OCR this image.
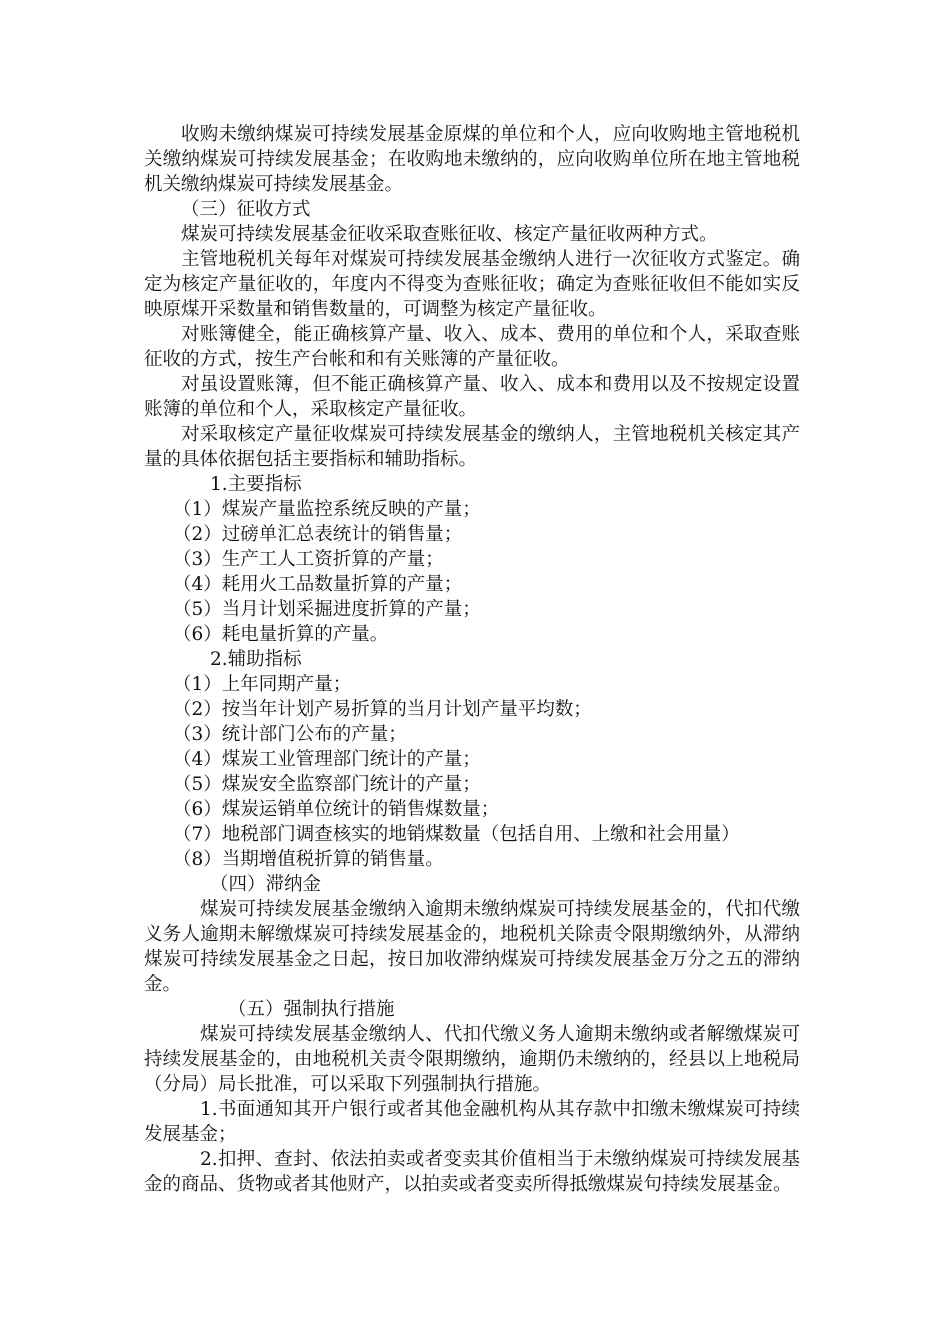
收购未缴纳煤炭可持续发展基金原煤的单位和个人，应向收购地主管地税机关缴纳煤炭可持续发展基金；在收购地未缴纳的，应向收购单位所在地主管地税机关缴纳煤炭可持续发展基金。

（三）征收方式

煤炭可持续发展基金征收采取查账征收、核定产量征收两种方式。

主管地税机关每年对煤炭可持续发展基金缴纳人进行一次征收方式鉴定。确定为核定产量征收的，年度内不得变为查账征收；确定为查账征收但不能如实反映原煤开采数量和销售数量的，可调整为核定产量征收。

对账簿健全，能正确核算产量、收入、成本、费用的单位和个人，采取查账征收的方式，按生产台帐和和有关账簿的产量征收。

对虽设置账簿，但不能正确核算产量、收入、成本和费用以及不按规定设置账簿的单位和个人，采取核定产量征收。

对采取核定产量征收煤炭可持续发展基金的缴纳人，主管地税机关核定其产量的具体依据包括主要指标和辅助指标。

1.主要指标

（1）煤炭产量监控系统反映的产量；

（2）过磅单汇总表统计的销售量；

（3）生产工人工资折算的产量；

（4）耗用火工品数量折算的产量；

（5）当月计划采掘进度折算的产量；

（6）耗电量折算的产量。

2.辅助指标

（1）上年同期产量；

（2）按当年计划产易折算的当月计划产量平均数；

（3）统计部门公布的产量；

（4）煤炭工业管理部门统计的产量；

（5）煤炭安全监察部门统计的产量；

（6）煤炭运销单位统计的销售煤数量；

（7）地税部门调查核实的地销煤数量（包括自用、上缴和社会用量）

（8）当期增值税折算的销售量。

（四）滞纳金

煤炭可持续发展基金缴纳入逾期未缴纳煤炭可持续发展基金的，代扣代缴义务人逾期未解缴煤炭可持续发展基金的，地税机关除责令限期缴纳外，从滞纳煤炭可持续发展基金之日起，按日加收滞纳煤炭可持续发展基金万分之五的滞纳金。

（五）强制执行措施

煤炭可持续发展基金缴纳人、代扣代缴义务人逾期未缴纳或者解缴煤炭可持续发展基金的，由地税机关责令限期缴纳，逾期仍未缴纳的，经县以上地税局（分局）局长批准，可以采取下列强制执行措施。

1.书面通知其开户银行或者其他金融机构从其存款中扣缴未缴煤炭可持续发展基金；

2.扣押、查封、依法拍卖或者变卖其价值相当于未缴纳煤炭可持续发展基金的商品、货物或者其他财产，以拍卖或者变卖所得抵缴煤炭句持续发展基金。
